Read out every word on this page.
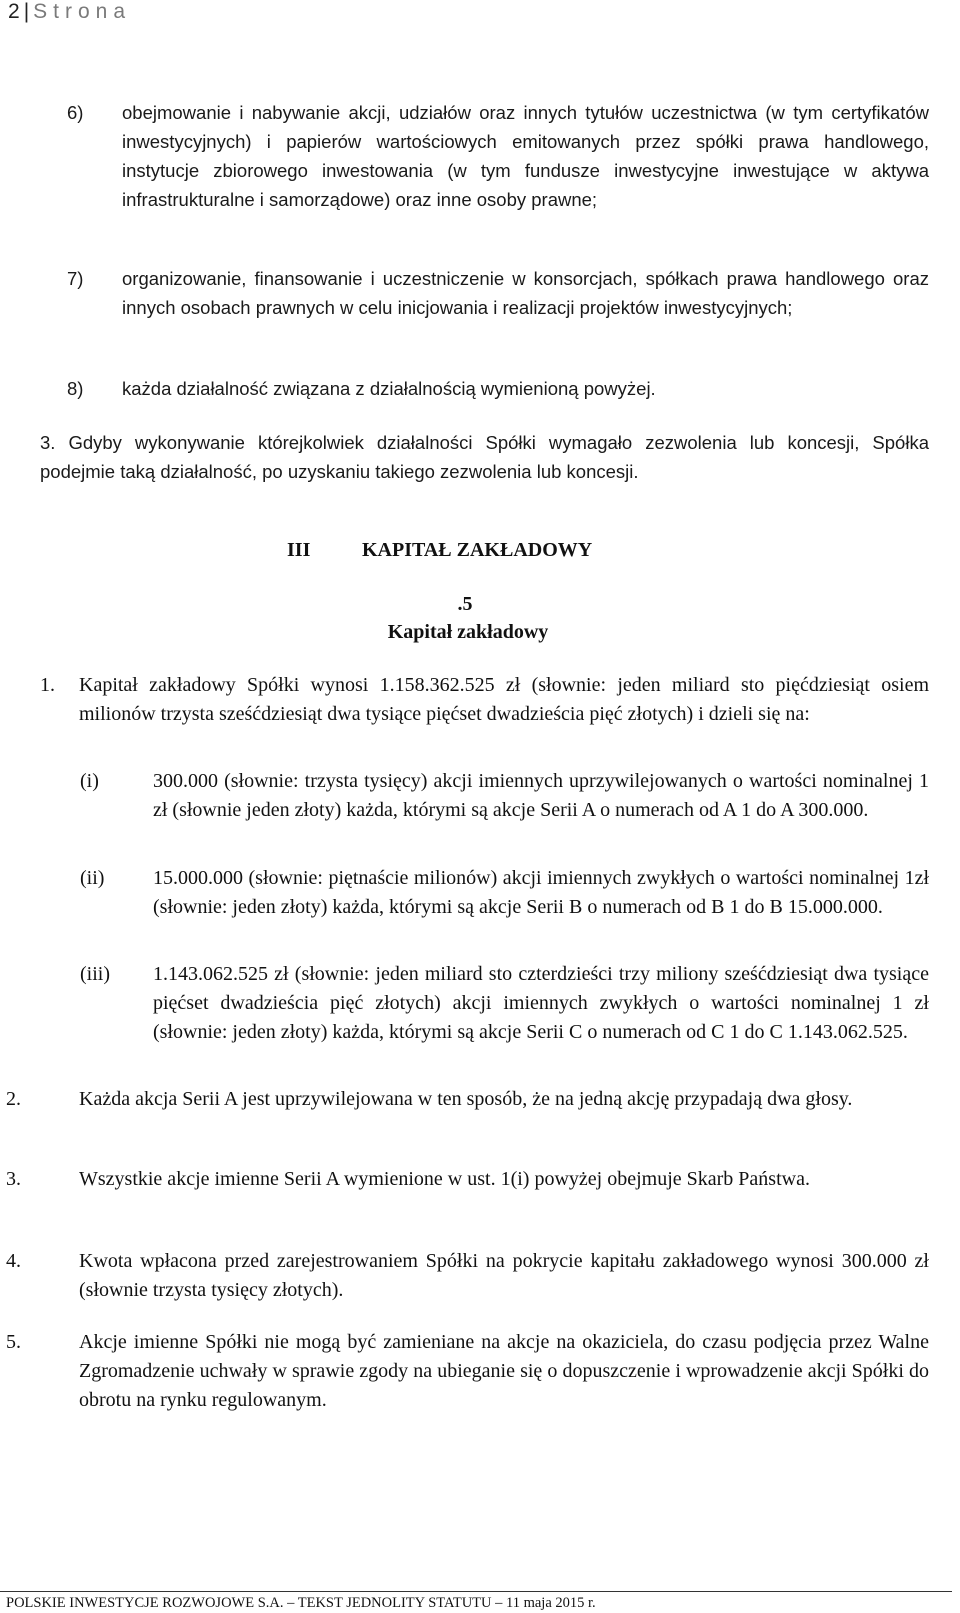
2 | Strona
6)	obejmowanie i nabywanie akcji, udziałów oraz innych tytułów uczestnictwa (w tym certyfikatów inwestycyjnych) i papierów wartościowych emitowanych przez spółki prawa handlowego, instytucje zbiorowego inwestowania (w tym fundusze inwestycyjne inwestujące w aktywa infrastrukturalne i samorządowe) oraz inne osoby prawne;
7)	organizowanie, finansowanie i uczestniczenie w konsorcjach, spółkach prawa handlowego oraz innych osobach prawnych w celu inicjowania i realizacji projektów inwestycyjnych;
8)	każda działalność związana z działalnością wymienioną powyżej.
3. Gdyby wykonywanie którejkolwiek działalności Spółki wymagało zezwolenia lub koncesji, Spółka podejmie taką działalność, po uzyskaniu takiego zezwolenia lub koncesji.
III	KAPITAŁ ZAKŁADOWY
.5
Kapitał zakładowy
1.	Kapitał zakładowy Spółki wynosi 1.158.362.525 zł (słownie: jeden miliard sto pięćdziesiąt osiem milionów trzysta sześćdziesiąt dwa tysiące pięćset dwadzieścia pięć złotych) i dzieli się na:
(i)	300.000 (słownie: trzysta tysięcy) akcji imiennych uprzywilejowanych o wartości nominalnej 1 zł (słownie jeden złoty) każda, którymi są akcje Serii A o numerach od A 1 do A 300.000.
(ii)	15.000.000 (słownie: piętnaście milionów) akcji imiennych zwykłych o wartości nominalnej 1zł (słownie: jeden złoty) każda, którymi są akcje Serii B o numerach od B 1 do B 15.000.000.
(iii)	1.143.062.525 zł (słownie: jeden miliard sto czterdzieści trzy miliony sześćdziesiąt dwa tysiące pięćset dwadzieścia pięć złotych) akcji imiennych zwykłych o wartości nominalnej 1 zł (słownie: jeden złoty) każda, którymi są akcje Serii C o numerach od C 1 do C 1.143.062.525.
2.	Każda akcja Serii A jest uprzywilejowana w ten sposób, że na jedną akcję przypadają dwa głosy.
3.	Wszystkie akcje imienne Serii A wymienione w ust. 1(i) powyżej obejmuje Skarb Państwa.
4.	Kwota wpłacona przed zarejestrowaniem Spółki na pokrycie kapitału zakładowego wynosi 300.000 zł (słownie trzysta tysięcy złotych).
5.	Akcje imienne Spółki nie mogą być zamieniane na akcje na okaziciela, do czasu podjęcia przez Walne Zgromadzenie uchwały w sprawie zgody na ubieganie się o dopuszczenie i wprowadzenie akcji Spółki do obrotu na rynku regulowanym.
POLSKIE INWESTYCJE ROZWOJOWE S.A. – TEKST JEDNOLITY STATUTU – 11 maja 2015 r.
